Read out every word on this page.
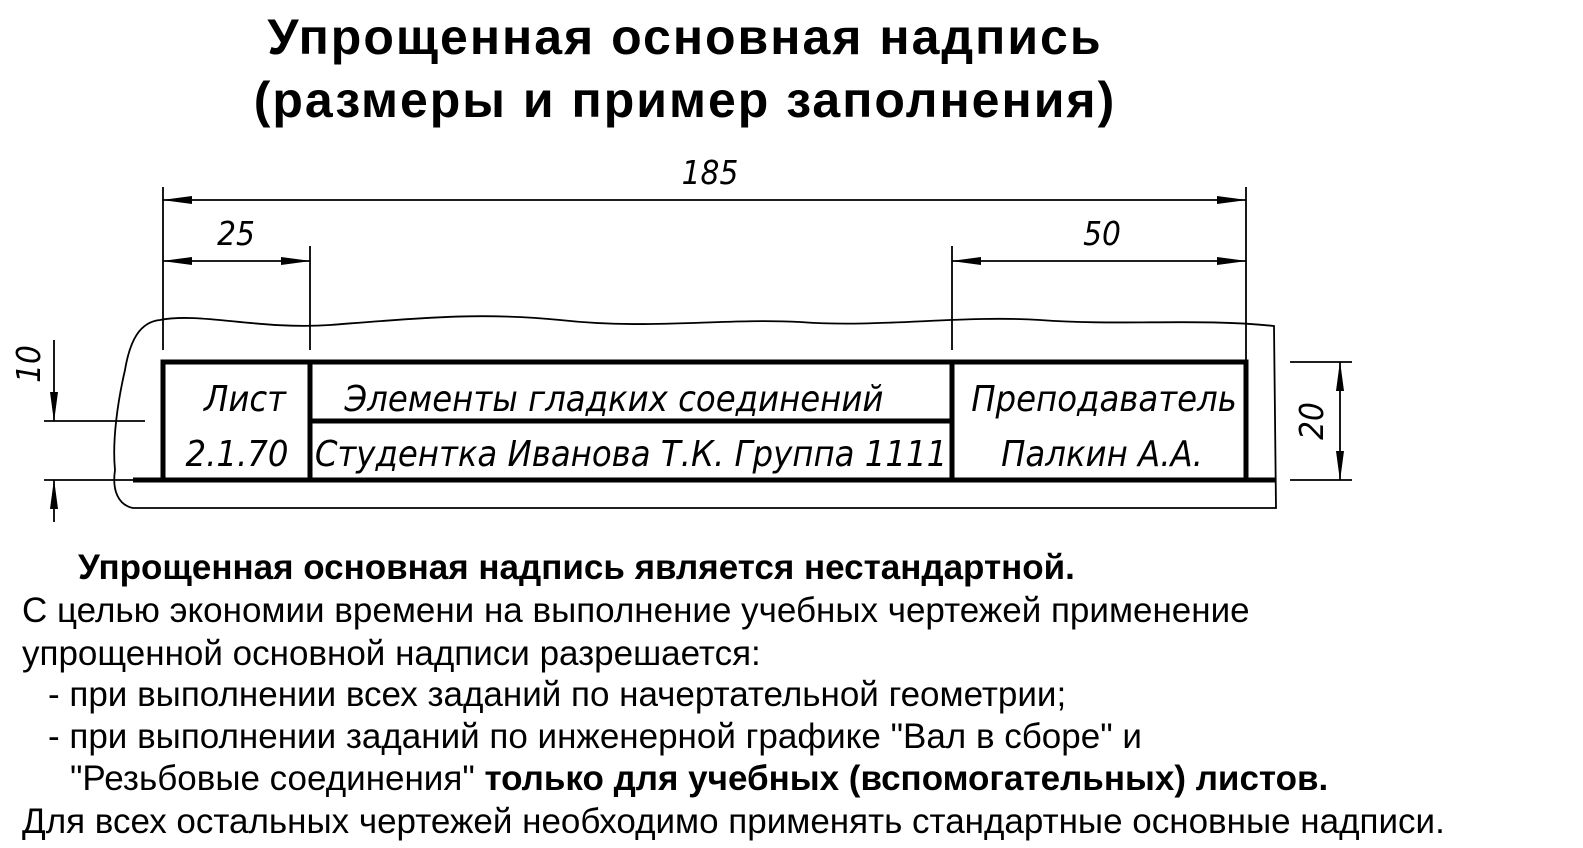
Упрощенная основная надпись
(размеры и пример заполнения)
185
25	50
10
20
Лист
2.1.70
Элементы гладких соединений
Студентка Иванова Т.К. Группа 1111
Преподаватель
Палкин А.А.
Упрощенная основная надпись является нестандартной.
С целью экономии времени на выполнение учебных чертежей применение
упрощенной основной надписи разрешается:
- при выполнении всех заданий по начертательной геометрии;
- при выполнении заданий по инженерной графике "Вал в сборе" и
"Резьбовые соединения" только для учебных (вспомогательных) листов.
Для всех остальных чертежей необходимо применять стандартные основные надписи.
